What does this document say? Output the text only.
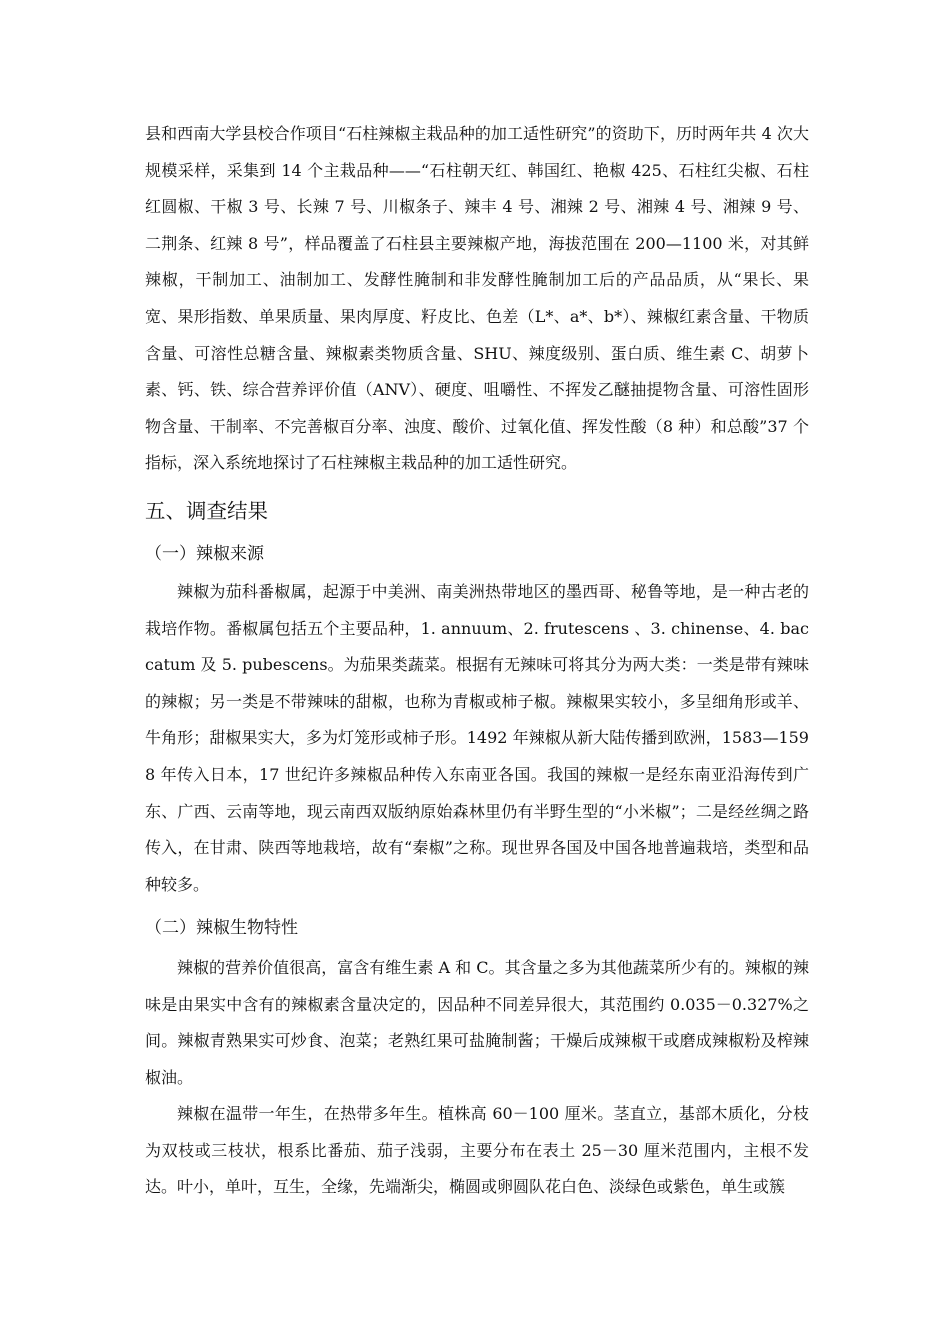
县和西南大学县校合作项目“石柱辣椒主栽品种的加工适性研究”的资助下，历时两年共 4 次大规模采样，采集到 14 个主栽品种——“石柱朝天红、韩国红、艳椒 425、石柱红尖椒、石柱红圆椒、干椒 3 号、长辣 7 号、川椒条子、辣丰 4 号、湘辣 2 号、湘辣 4 号、湘辣 9 号、二荆条、红辣 8 号”，样品覆盖了石柱县主要辣椒产地，海拔范围在 200—1100 米，对其鲜辣椒，干制加工、油制加工、发酵性腌制和非发酵性腌制加工后的产品品质，从“果长、果宽、果形指数、单果质量、果肉厚度、籽皮比、色差（L*、a*、b*）、辣椒红素含量、干物质含量、可溶性总糖含量、辣椒素类物质含量、SHU、辣度级别、蛋白质、维生素 C、胡萝卜素、钙、铁、综合营养评价值（ANV）、硬度、咀嚼性、不挥发乙醚抽提物含量、可溶性固形物含量、干制率、不完善椒百分率、浊度、酸价、过氧化值、挥发性酸（8 种）和总酸”37 个指标，深入系统地探讨了石柱辣椒主栽品种的加工适性研究。

五、调查结果
（一）辣椒来源

辣椒为茄科番椒属，起源于中美洲、南美洲热带地区的墨西哥、秘鲁等地，是一种古老的栽培作物。番椒属包括五个主要品种，1. annuum、2. frutescens 、3. chinense、4. baccatum 及 5. pubescens。为茄果类蔬菜。根据有无辣味可将其分为两大类：一类是带有辣味的辣椒；另一类是不带辣味的甜椒，也称为青椒或柿子椒。辣椒果实较小，多呈细角形或羊、牛角形；甜椒果实大，多为灯笼形或柿子形。1492 年辣椒从新大陆传播到欧洲，1583—1598 年传入日本，17 世纪许多辣椒品种传入东南亚各国。我国的辣椒一是经东南亚沿海传到广东、广西、云南等地，现云南西双版纳原始森林里仍有半野生型的“小米椒”；二是经丝绸之路传入，在甘肃、陕西等地栽培，故有“秦椒”之称。现世界各国及中国各地普遍栽培，类型和品种较多。

（二）辣椒生物特性

辣椒的营养价值很高，富含有维生素 A 和 C。其含量之多为其他蔬菜所少有的。辣椒的辣味是由果实中含有的辣椒素含量决定的，因品种不同差异很大，其范围约 0.035－0.327%之间。辣椒青熟果实可炒食、泡菜；老熟红果可盐腌制酱；干燥后成辣椒干或磨成辣椒粉及榨辣椒油。

辣椒在温带一年生，在热带多年生。植株高 60－100 厘米。茎直立，基部木质化，分枝为双枝或三枝状，根系比番茄、茄子浅弱，主要分布在表土 25－30 厘米范围内，主根不发达。叶小，单叶，互生，全缘，先端渐尖，椭圆或卵圆队花白色、淡绿色或紫色，单生或簇
